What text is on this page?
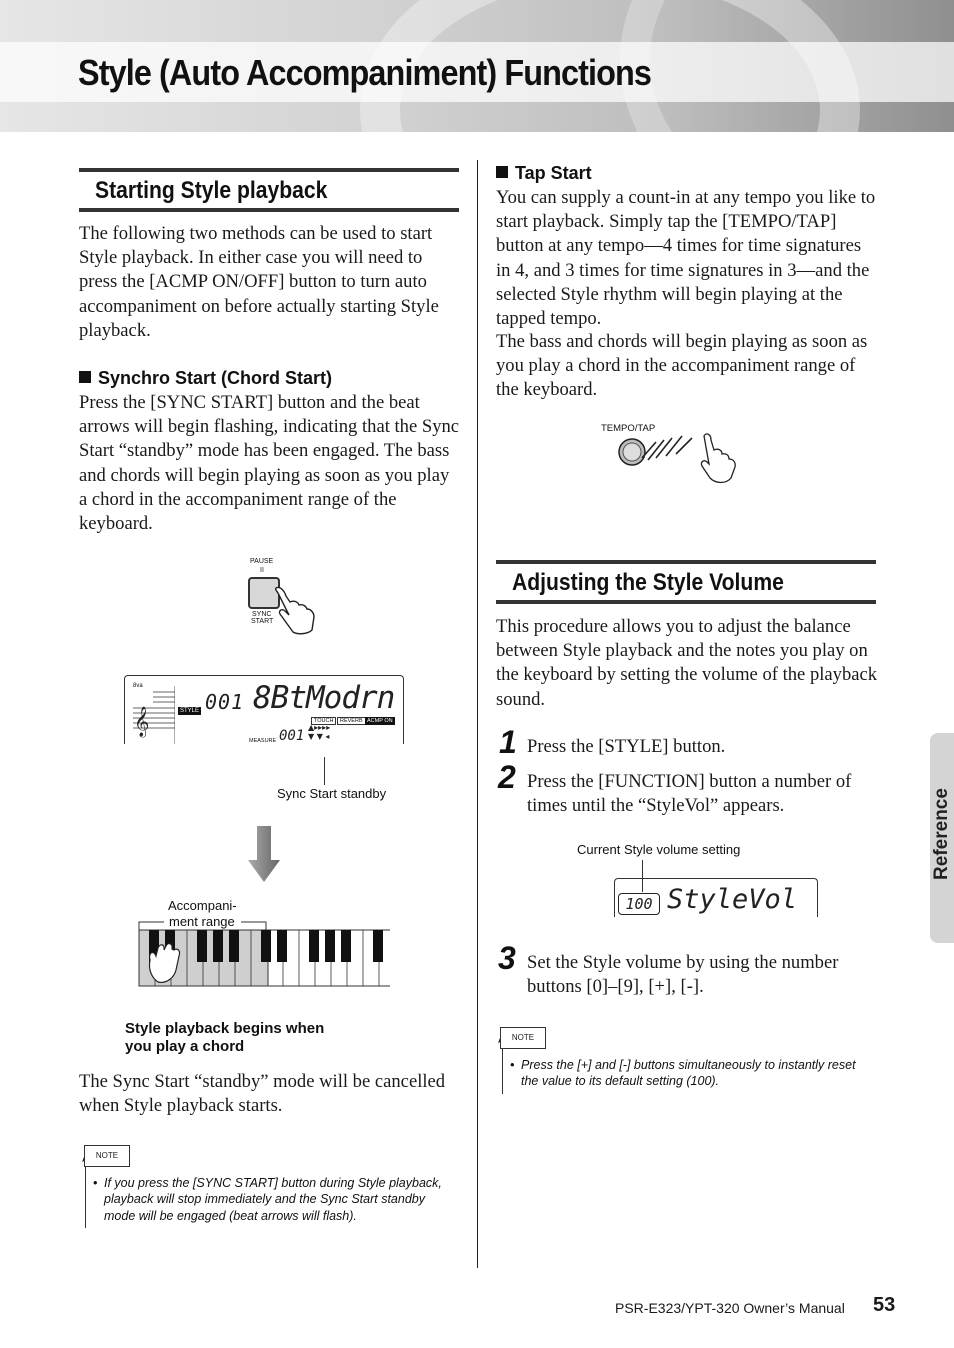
Style (Auto Accompaniment) Functions
Starting Style playback

The following two methods can be used to start Style playback. In either case you will need to press the [ACMP ON/OFF] button to turn auto accompaniment on before actually starting Style playback.

Synchro Start (Chord Start)

Press the [SYNC START] button and the beat arrows will begin flashing, indicating that the Sync Start “standby” mode has been engaged. The bass and chords will begin playing as soon as you play a chord in the accompaniment range of the keyboard.

PAUSE
II
SYNC
START
8va
𝄞	STYLE 001 8BtModrn
TOUCH	REVERB ACMP ON
MEASURE 001
▲▸▸▸▸
▼ ▼ ◂
Sync Start standby
Accompani-
ment range
Style playback begins when
you play a chord

The Sync Start “standby” mode will be cancelled when Style playback starts.

NOTE
• If you press the [SYNC START] button during Style playback, playback will stop immediately and the Sync Start standby mode will be engaged (beat arrows will flash).

Tap Start

You can supply a count-in at any tempo you like to start playback. Simply tap the [TEMPO/TAP] button at any tempo—4 times for time signatures in 4, and 3 times for time signatures in 3—and the selected Style rhythm will begin playing at the tapped tempo.

The bass and chords will begin playing as soon as you play a chord in the accompaniment range of the keyboard.

TEMPO/TAP
Adjusting the Style Volume

This procedure allows you to adjust the balance between Style playback and the notes you play on the keyboard by setting the volume of the playback sound.

1 Press the [STYLE] button.

2 Press the [FUNCTION] button a number of times until the “StyleVol” appears.

Current Style volume setting
100 StyleVol
3 Set the Style volume by using the number buttons [0]–[9], [+], [-].

NOTE
• Press the [+] and [-] buttons simultaneously to instantly reset the value to its default setting (100).

Reference
PSR-E323/YPT-320 Owner’s Manual 53
